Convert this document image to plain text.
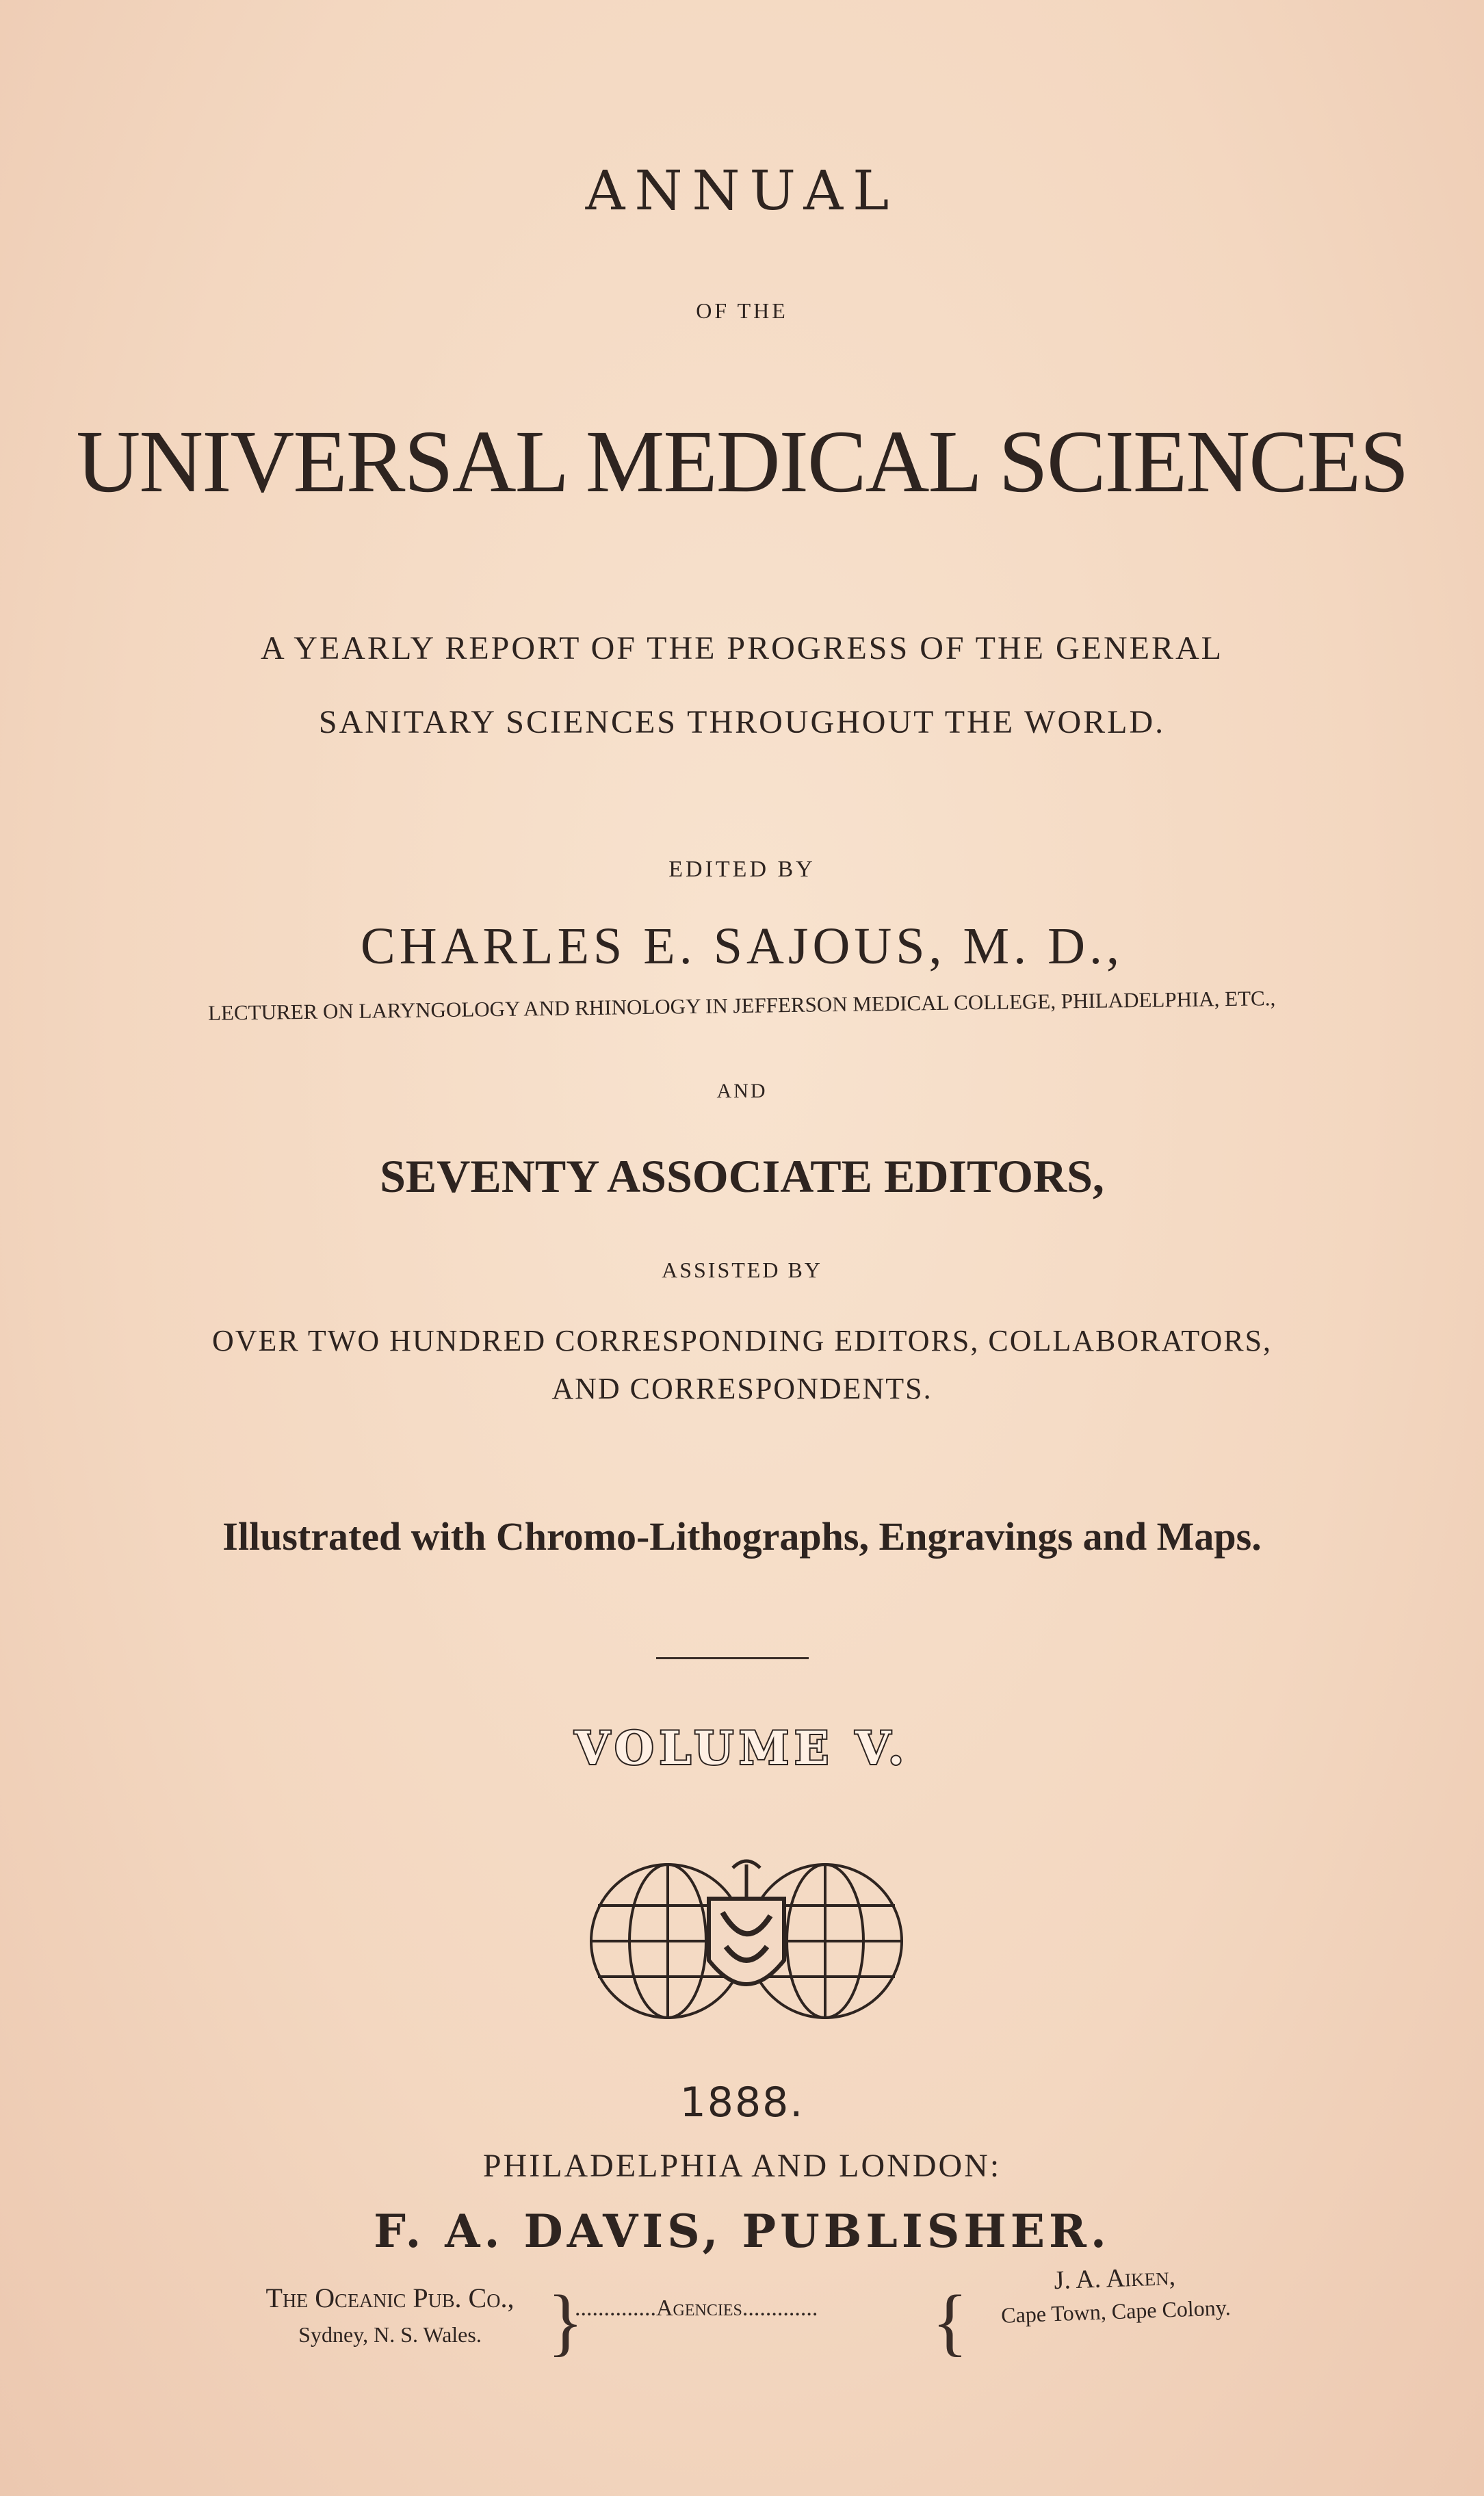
ANNUAL
OF THE
UNIVERSAL MEDICAL SCIENCES
A YEARLY REPORT OF THE PROGRESS OF THE GENERAL
SANITARY SCIENCES THROUGHOUT THE WORLD.
EDITED BY
CHARLES E. SAJOUS, M. D.,
LECTURER ON LARYNGOLOGY AND RHINOLOGY IN JEFFERSON MEDICAL COLLEGE, PHILADELPHIA, ETC.,
AND
SEVENTY ASSOCIATE EDITORS,
ASSISTED BY
OVER TWO HUNDRED CORRESPONDING EDITORS, COLLABORATORS,
AND CORRESPONDENTS.
Illustrated with Chromo-Lithographs, Engravings and Maps.
VOLUME V.
1888.
PHILADELPHIA AND LONDON:
F. A. DAVIS, PUBLISHER.
The Oceanic Pub. Co.,
Sydney, N. S. Wales. }
..............Agencies............. {
J. A. Aiken,
Cape Town, Cape Colony.
